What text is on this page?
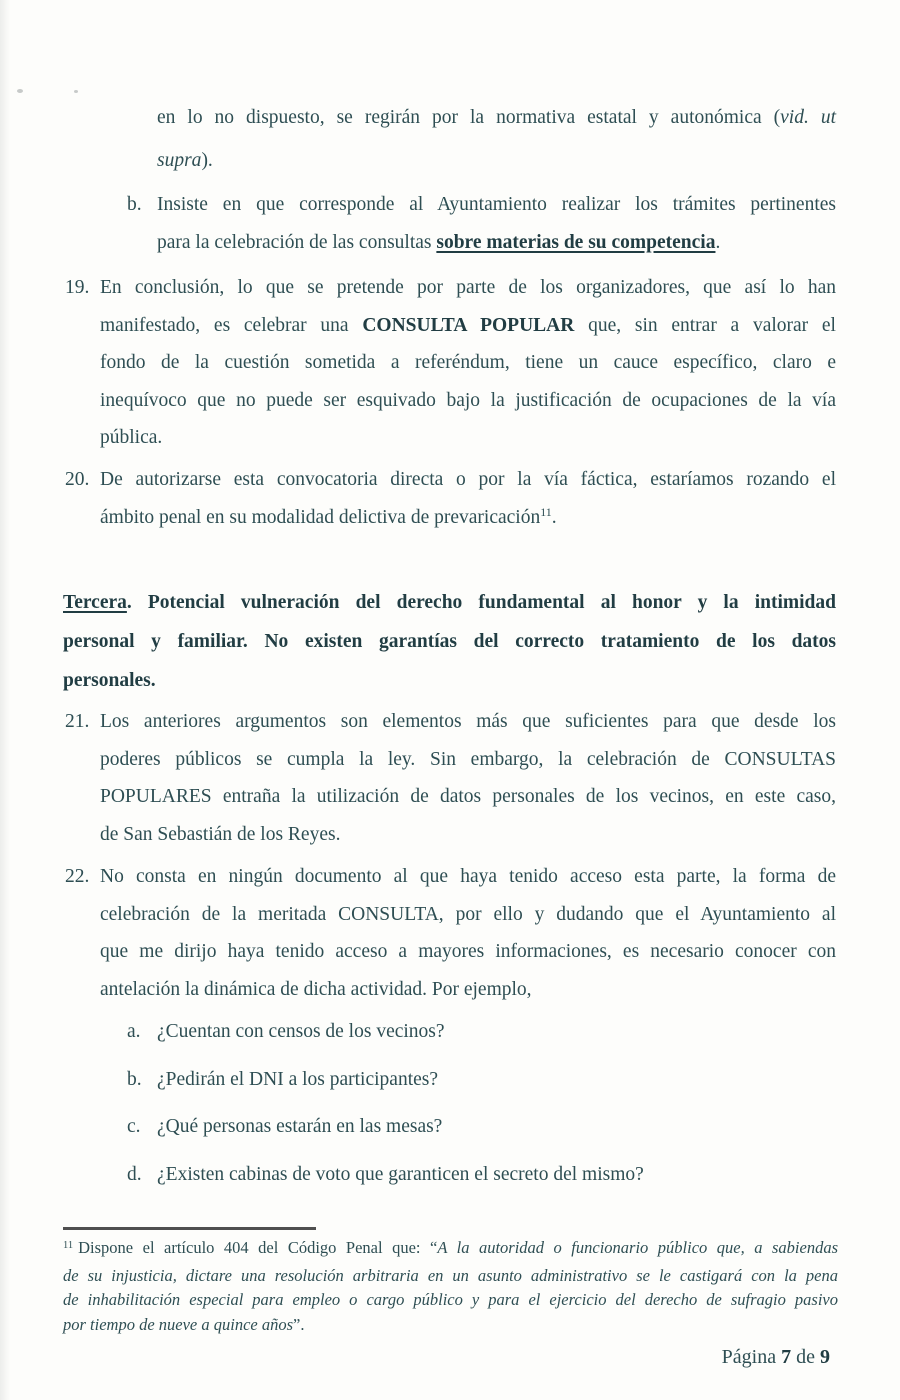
en lo no dispuesto, se regirán por la normativa estatal y autonómica (vid. ut
supra).
b. Insiste en que corresponde al Ayuntamiento realizar los trámites pertinentes
para la celebración de las consultas sobre materias de su competencia.
19. En conclusión, lo que se pretende por parte de los organizadores, que así lo han
manifestado, es celebrar una CONSULTA POPULAR que, sin entrar a valorar el
fondo de la cuestión sometida a referéndum, tiene un cauce específico, claro e
inequívoco que no puede ser esquivado bajo la justificación de ocupaciones de la vía
pública.
20. De autorizarse esta convocatoria directa o por la vía fáctica, estaríamos rozando el
ámbito penal en su modalidad delictiva de prevaricación$^{11}$.
Tercera. Potencial vulneración del derecho fundamental al honor y la intimidad
personal y familiar. No existen garantías del correcto tratamiento de los datos
personales.
21. Los anteriores argumentos son elementos más que suficientes para que desde los
poderes públicos se cumpla la ley. Sin embargo, la celebración de CONSULTAS
POPULARES entraña la utilización de datos personales de los vecinos, en este caso,
de San Sebastián de los Reyes.
22. No consta en ningún documento al que haya tenido acceso esta parte, la forma de
celebración de la meritada CONSULTA, por ello y dudando que el Ayuntamiento al
que me dirijo haya tenido acceso a mayores informaciones, es necesario conocer con
antelación la dinámica de dicha actividad. Por ejemplo,
a. ¿Cuentan con censos de los vecinos?
b. ¿Pedirán el DNI a los participantes?
c. ¿Qué personas estarán en las mesas?
d. ¿Existen cabinas de voto que garanticen el secreto del mismo?
$^{11}$ Dispone el artículo 404 del Código Penal que: “A la autoridad o funcionario público que, a sabiendas
de su injusticia, dictare una resolución arbitraria en un asunto administrativo se le castigará con la pena
de inhabilitación especial para empleo o cargo público y para el ejercicio del derecho de sufragio pasivo
por tiempo de nueve a quince años”.
Página 7 de 9
